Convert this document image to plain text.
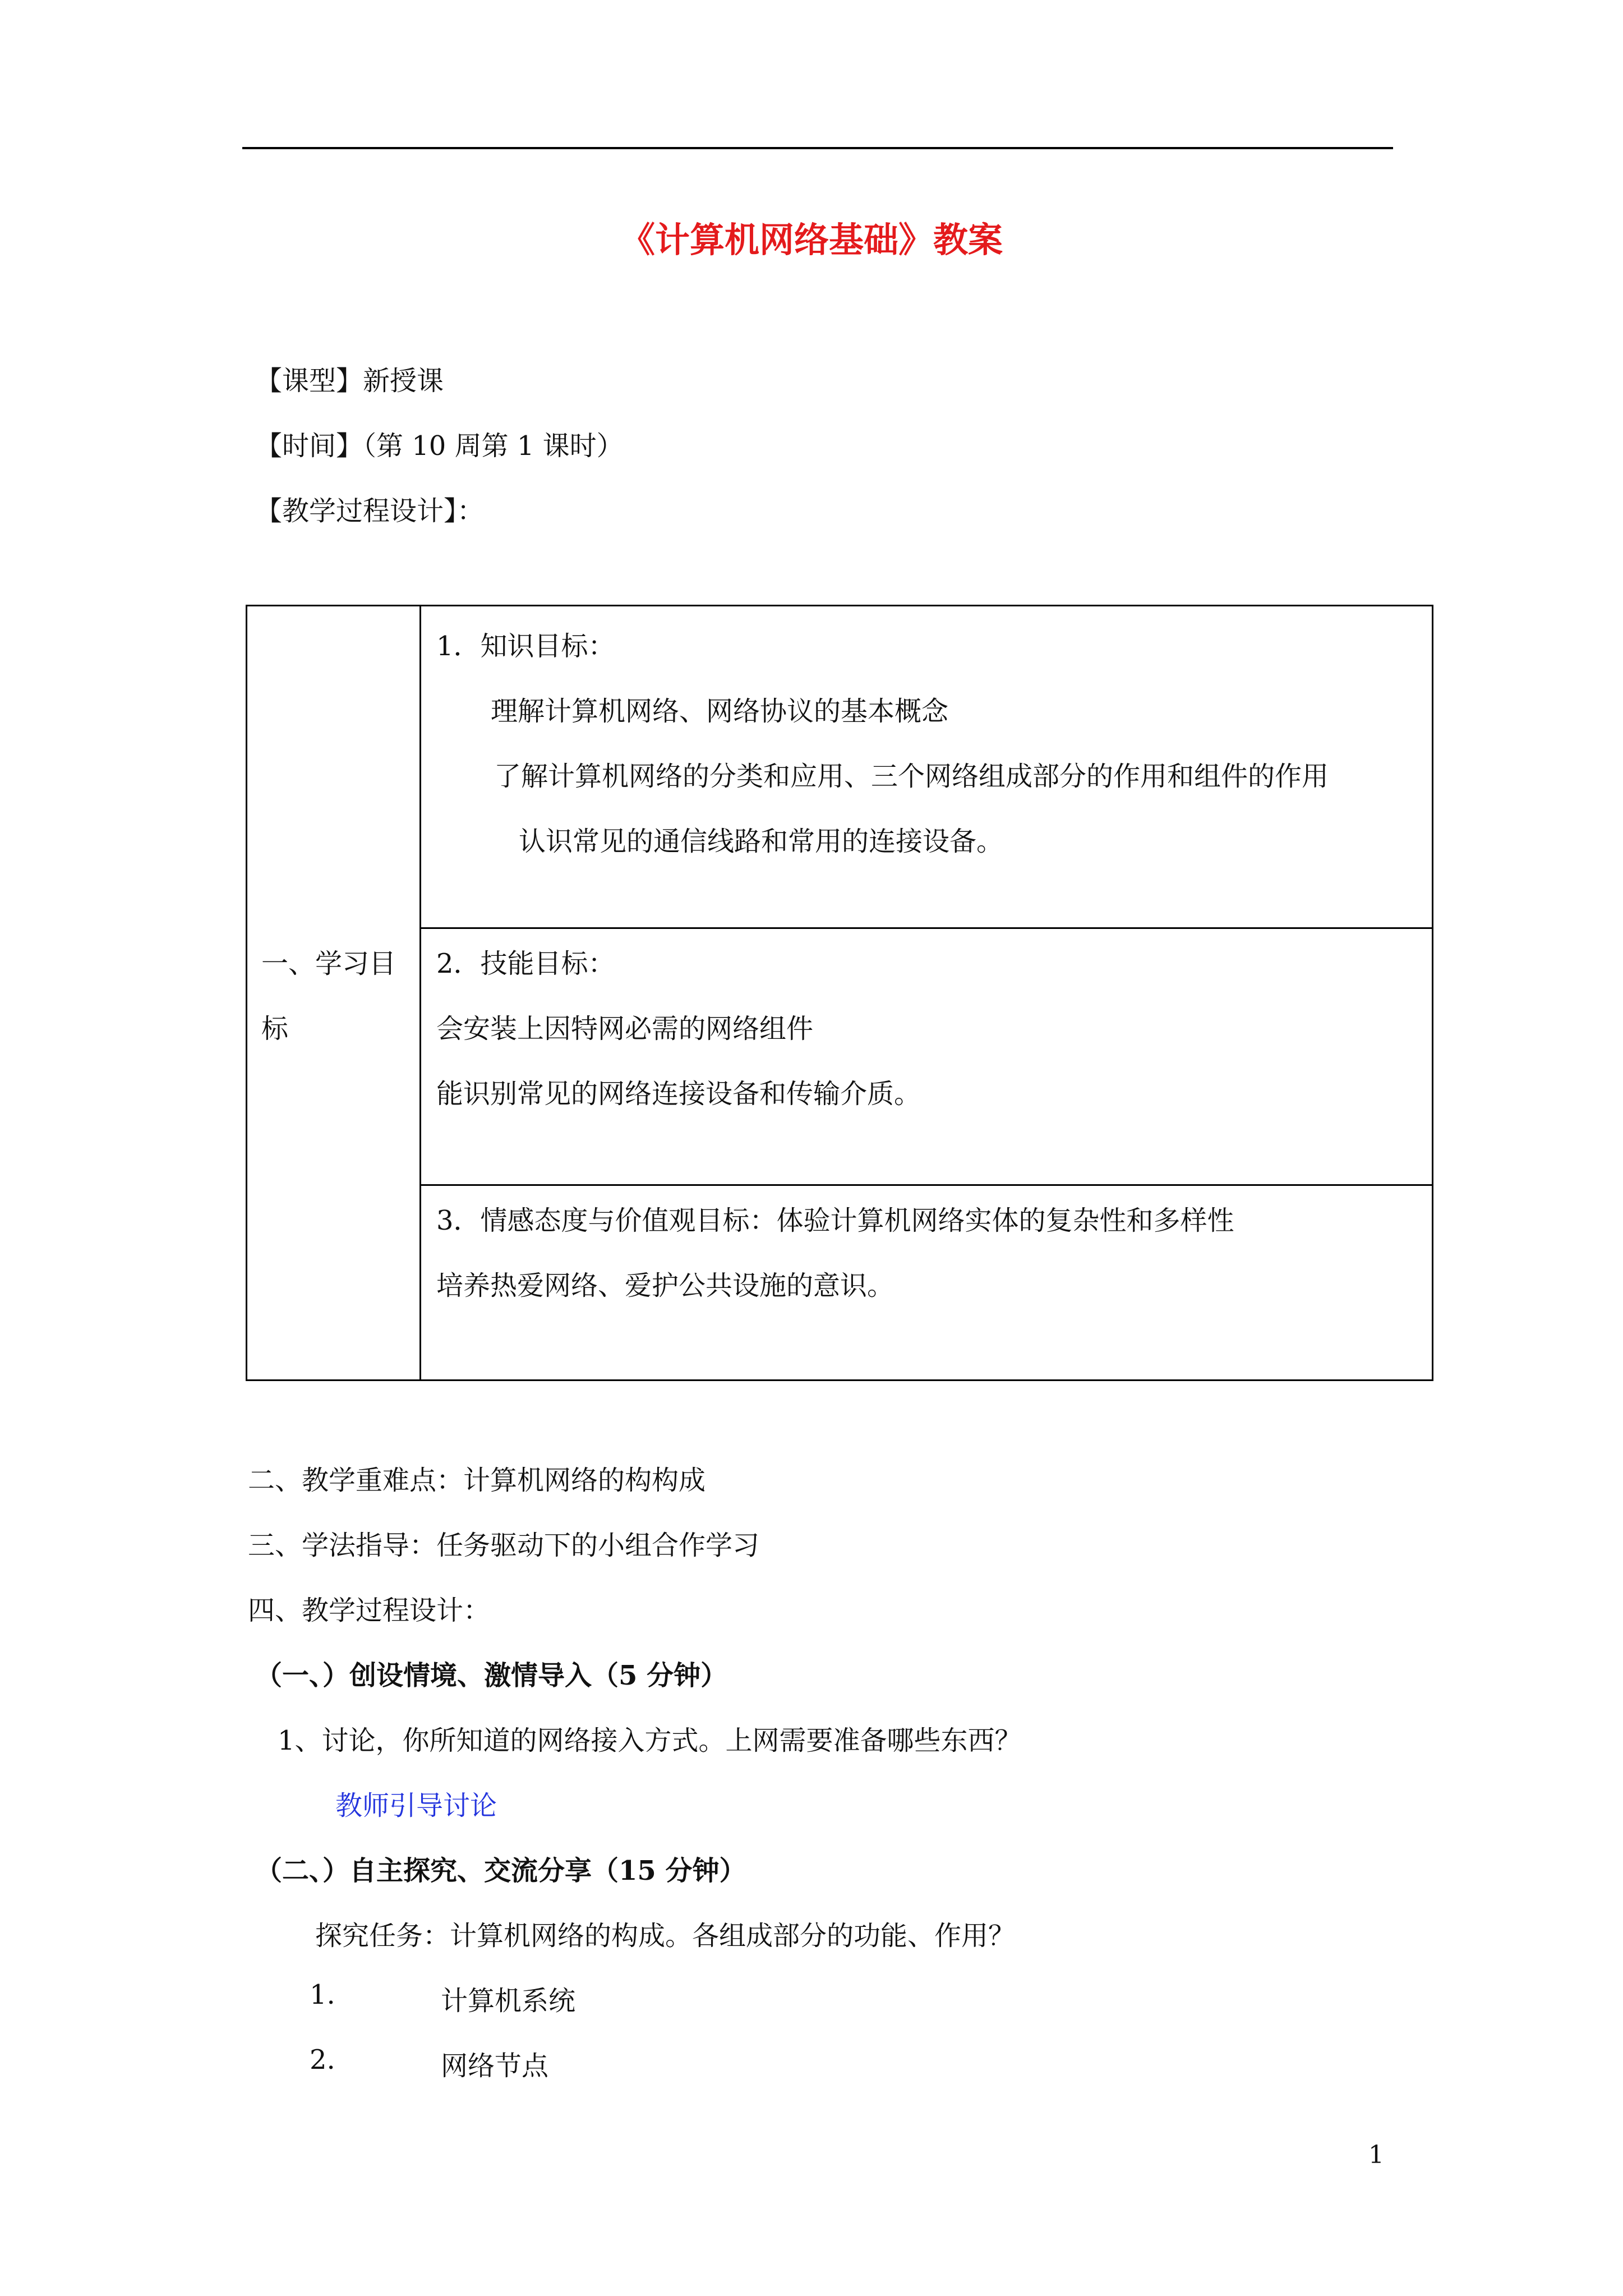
《计算机网络基础》教案
【课型】新授课
【时间】（第 10 周第 1 课时）
【教学过程设计】：
一、学习目
标
1．知识目标：
理解计算机网络、网络协议的基本概念
了解计算机网络的分类和应用、三个网络组成部分的作用和组件的作用
认识常见的通信线路和常用的连接设备。
2．技能目标：
会安装上因特网必需的网络组件
能识别常见的网络连接设备和传输介质。
3．情感态度与价值观目标：体验计算机网络实体的复杂性和多样性
培养热爱网络、爱护公共设施的意识。
二、教学重难点：计算机网络的构构成
三、学法指导：任务驱动下的小组合作学习
四、教学过程设计：
（一、）创设情境、激情导入（5 分钟）
1、讨论，你所知道的网络接入方式。上网需要准备哪些东西？
教师引导讨论
（二、）自主探究、交流分享（15 分钟）
探究任务：计算机网络的构成。各组成部分的功能、作用？
1.	计算机系统
2.	网络节点
1
